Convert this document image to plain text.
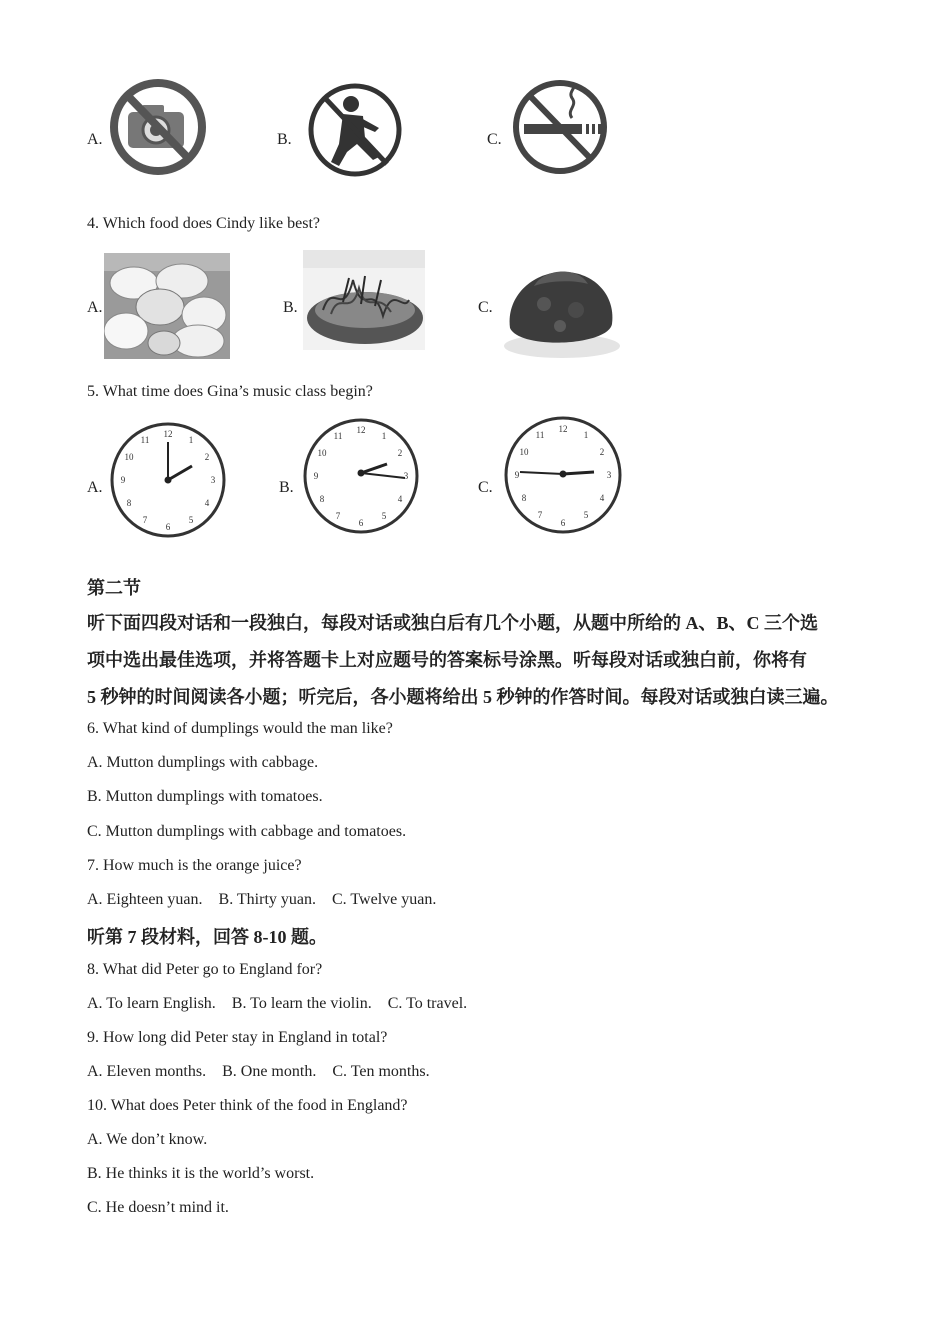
A.	B.	C.
4. Which food does Cindy like best?
A.	B.	C.
5. What time does Gina’s music class begin?
A.
12
1
2
3
4
5
6
7
8
9
10
11
B.
12
1
2
3
4
5
6
7
8
9
10
11
C.
12
1
2
3
4
5
6
7
8
9
10
11
第二节
听下面四段对话和一段独白，每段对话或独白后有几个小题，从题中所给的 A、B、C 三个选
项中选出最佳选项，并将答题卡上对应题号的答案标号涂黑。听每段对话或独白前，你将有
5 秒钟的时间阅读各小题；听完后，各小题将给出 5 秒钟的作答时间。每段对话或独白读三遍。
6. What kind of dumplings would the man like?
A. Mutton dumplings with cabbage.
B. Mutton dumplings with tomatoes.
C. Mutton dumplings with cabbage and tomatoes.
7. How much is the orange juice?
A. Eighteen yuan.    B. Thirty yuan.    C. Twelve yuan.
听第 7 段材料，回答 8-10 题。
8. What did Peter go to England for?
A. To learn English.    B. To learn the violin.    C. To travel.
9. How long did Peter stay in England in total?
A. Eleven months.    B. One month.    C. Ten months.
10. What does Peter think of the food in England?
A. We don’t know.
B. He thinks it is the world’s worst.
C. He doesn’t mind it.
